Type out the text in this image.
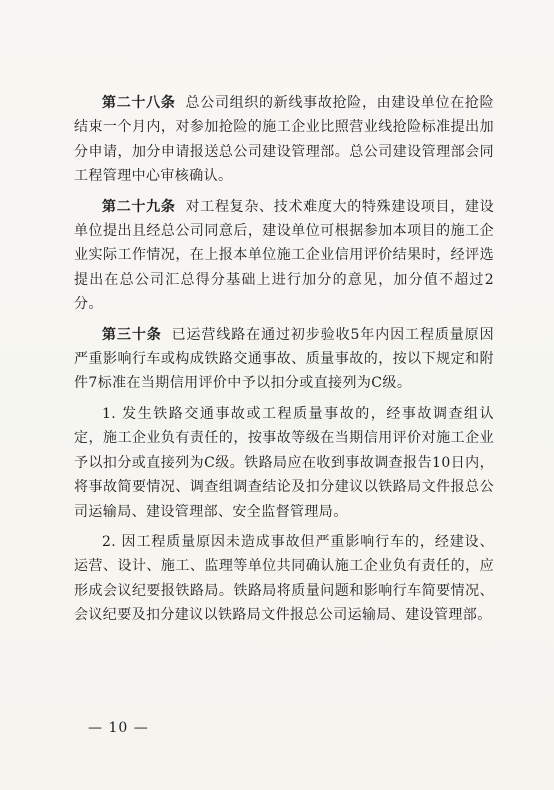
第二十八条 总公司组织的新线事故抢险，由建设单位在抢险结束一个月内，对参加抢险的施工企业比照营业线抢险标准提出加分申请，加分申请报送总公司建设管理部。总公司建设管理部会同工程管理中心审核确认。

第二十九条 对工程复杂、技术难度大的特殊建设项目，建设单位提出且经总公司同意后，建设单位可根据参加本项目的施工企业实际工作情况，在上报本单位施工企业信用评价结果时，经评选提出在总公司汇总得分基础上进行加分的意见，加分值不超过2分。

第三十条 已运营线路在通过初步验收5年内因工程质量原因严重影响行车或构成铁路交通事故、质量事故的，按以下规定和附件7标准在当期信用评价中予以扣分或直接列为C级。

1. 发生铁路交通事故或工程质量事故的，经事故调查组认定，施工企业负有责任的，按事故等级在当期信用评价对施工企业予以扣分或直接列为C级。铁路局应在收到事故调查报告10日内，将事故简要情况、调查组调查结论及扣分建议以铁路局文件报总公司运输局、建设管理部、安全监督管理局。

2. 因工程质量原因未造成事故但严重影响行车的，经建设、运营、设计、施工、监理等单位共同确认施工企业负有责任的，应形成会议纪要报铁路局。铁路局将质量问题和影响行车简要情况、会议纪要及扣分建议以铁路局文件报总公司运输局、建设管理部。

— 10 —
